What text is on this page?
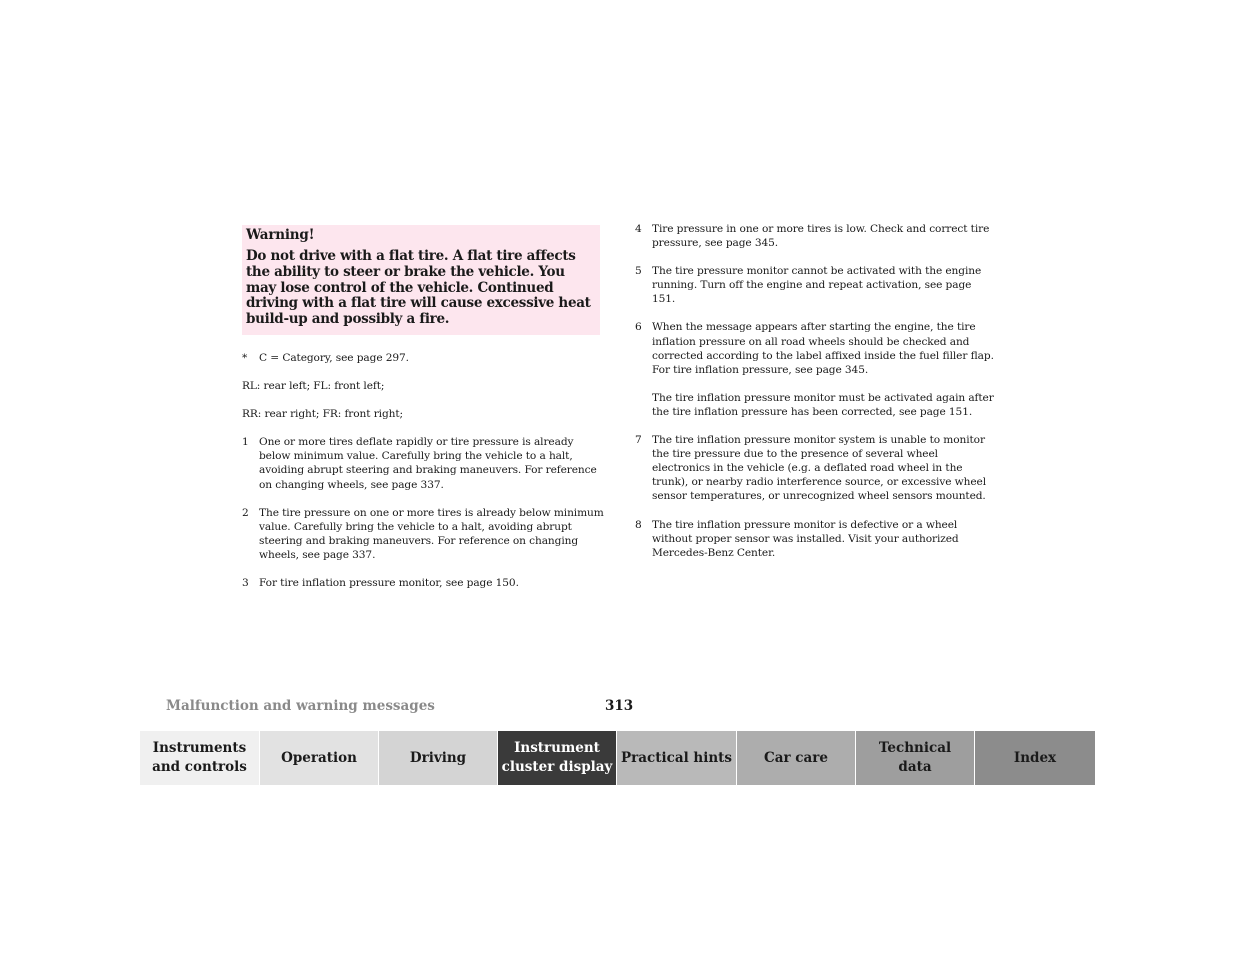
Warning!

Do not drive with a flat tire. A flat tire affects the ability to steer or brake the vehicle. You may lose control of the vehicle. Continued driving with a flat tire will cause excessive heat build-up and possibly a fire.

*	C = Category, see page 297.

RL: rear left; FL: front left;

RR: rear right; FR: front right;

1 One or more tires deflate rapidly or tire pressure is already below minimum value. Carefully bring the vehicle to a halt, avoiding abrupt steering and braking maneuvers. For reference on changing wheels, see page 337.
2 The tire pressure on one or more tires is already below minimum value. Carefully bring the vehicle to a halt, avoiding abrupt steering and braking maneuvers. For reference on changing wheels, see page 337.
3 For tire inflation pressure monitor, see page 150.
4 Tire pressure in one or more tires is low. Check and correct tire pressure, see page 345.
5 The tire pressure monitor cannot be activated with the engine running. Turn off the engine and repeat activation, see page 151.
6 When the message appears after starting the engine, the tire inflation pressure on all road wheels should be checked and corrected according to the label affixed inside the fuel filler flap. For tire inflation pressure, see page 345.

The tire inflation pressure monitor must be activated again after the tire inflation pressure has been corrected, see page 151.

7 The tire inflation pressure monitor system is unable to monitor the tire pressure due to the presence of several wheel electronics in the vehicle (e.g. a deflated road wheel in the trunk), or nearby radio interference source, or excessive wheel sensor temperatures, or unrecognized wheel sensors mounted.
8 The tire inflation pressure monitor is defective or a wheel without proper sensor was installed. Visit your authorized Mercedes-Benz Center.
Malfunction and warning messages	313
Instruments
and controls
Operation	Driving
Instrument
cluster display
Practical hints Car care
Technical
data
Index
